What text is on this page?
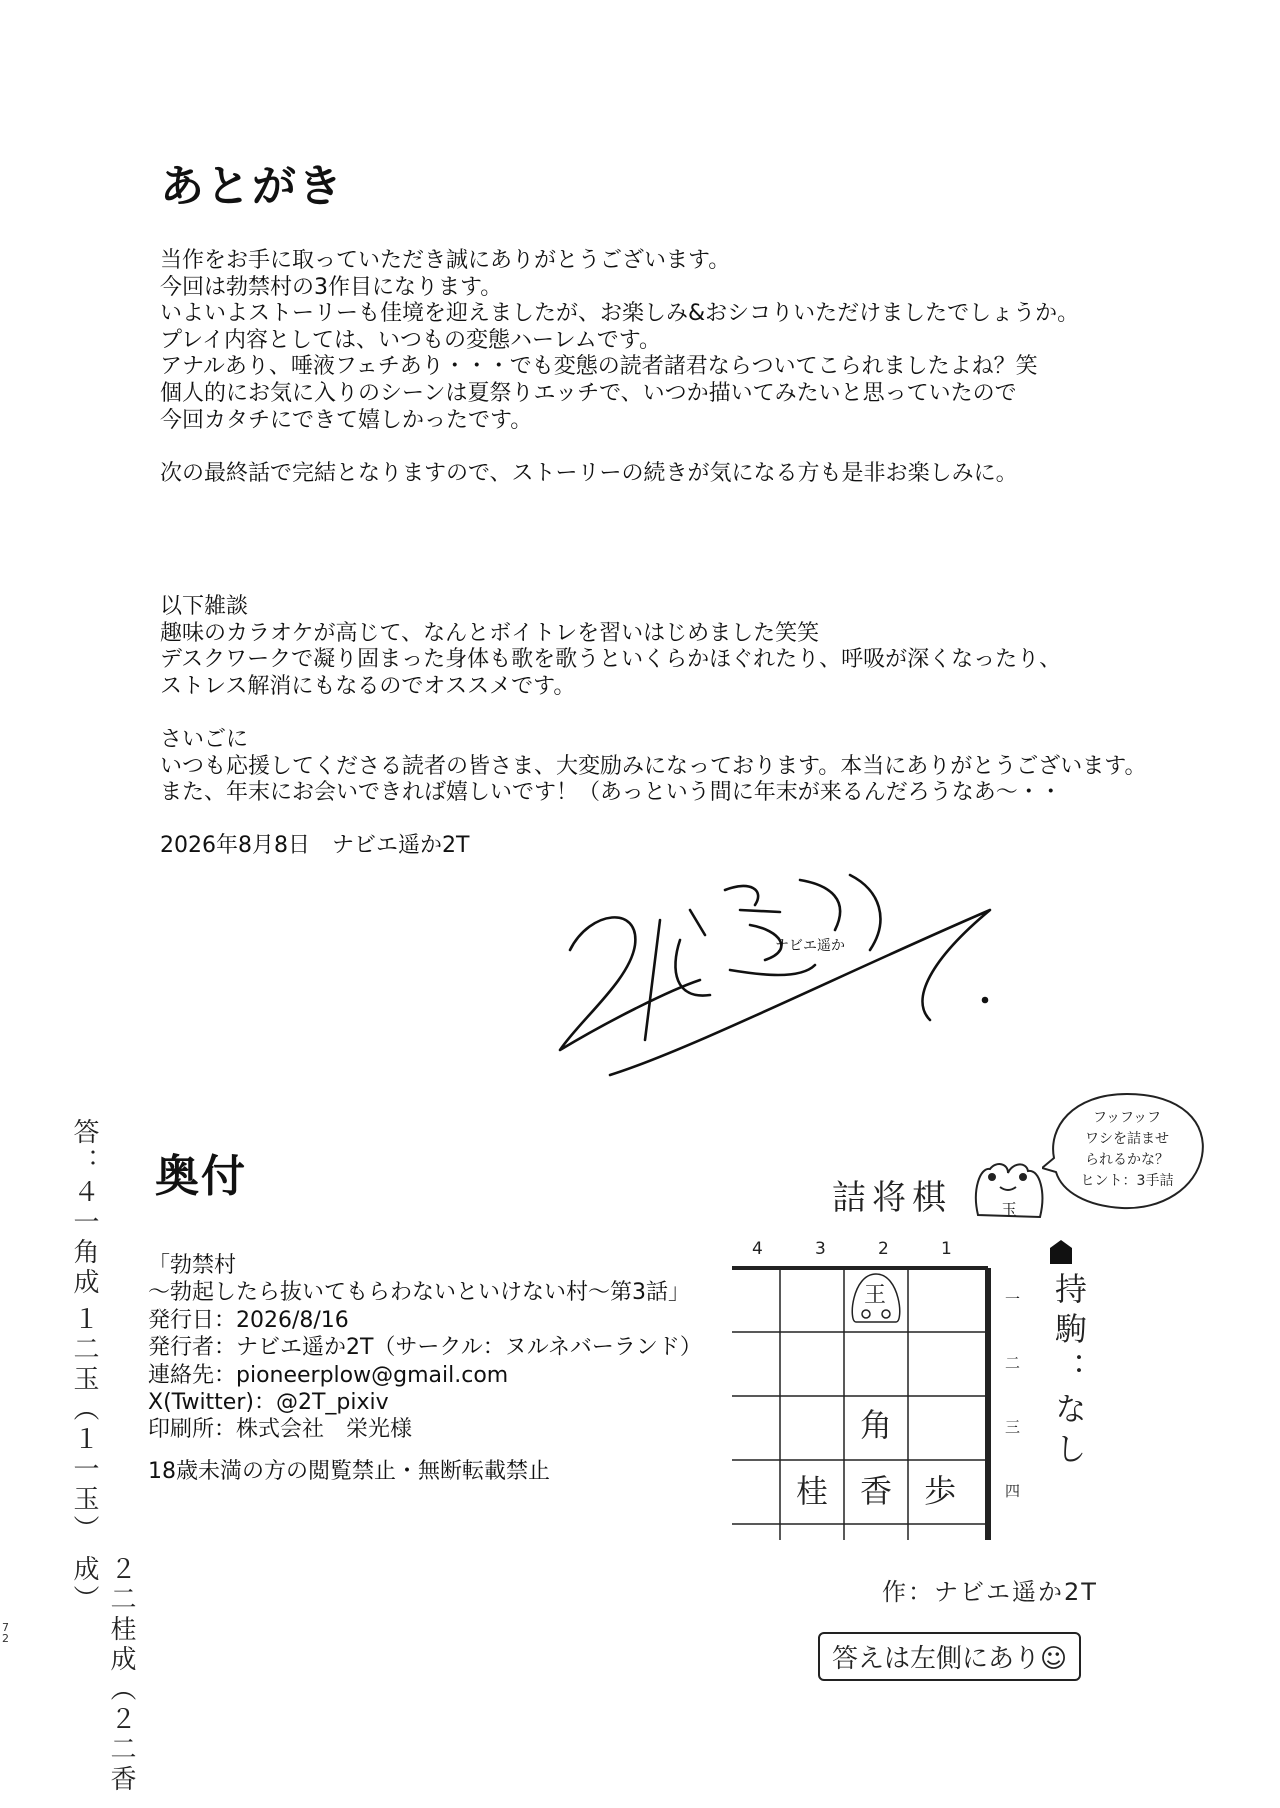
あとがき
当作をお手に取っていただき誠にありがとうございます。
今回は勃禁村の3作目になります。
いよいよストーリーも佳境を迎えましたが、お楽しみ&おシコりいただけましたでしょうか。
プレイ内容としては、いつもの変態ハーレムです。
アナルあり、唾液フェチあり・・・でも変態の読者諸君ならついてこられましたよね？笑
個人的にお気に入りのシーンは夏祭りエッチで、いつか描いてみたいと思っていたので
今回カタチにできて嬉しかったです。
次の最終話で完結となりますので、ストーリーの続きが気になる方も是非お楽しみに。
以下雑談
趣味のカラオケが高じて、なんとボイトレを習いはじめました笑笑
デスクワークで凝り固まった身体も歌を歌うといくらかほぐれたり、呼吸が深くなったり、
ストレス解消にもなるのでオススメです。
さいごに
いつも応援してくださる読者の皆さま、大変励みになっております。本当にありがとうございます。
また、年末にお会いできれば嬉しいです！（あっという間に年末が来るんだろうなあ～・・
2026年8月8日　ナビエ遥か2T
ナビエ遥か
奥付
「勃禁村
～勃起したら抜いてもらわないといけない村～第3話」
発行日：2026/8/16
発行者：ナビエ遥か2T（サークル：ヌルネバーランド）
連絡先：pioneerplow@gmail.com
X(Twitter)：@2T_pixiv
印刷所：株式会社　栄光様
18歳未満の方の閲覧禁止・無断転載禁止
答：４一角成
１二玉（１一玉）
２二桂成（２二香成）
72
詰将棋
フッフッフ
ワシを詰ませ
られるかな？
ヒント：3手詰
玉
4	3	2	1
一
二
三
四
王
角
桂 香 歩
持駒：なし
作：ナビエ遥か2T
答えは左側にあり☺
